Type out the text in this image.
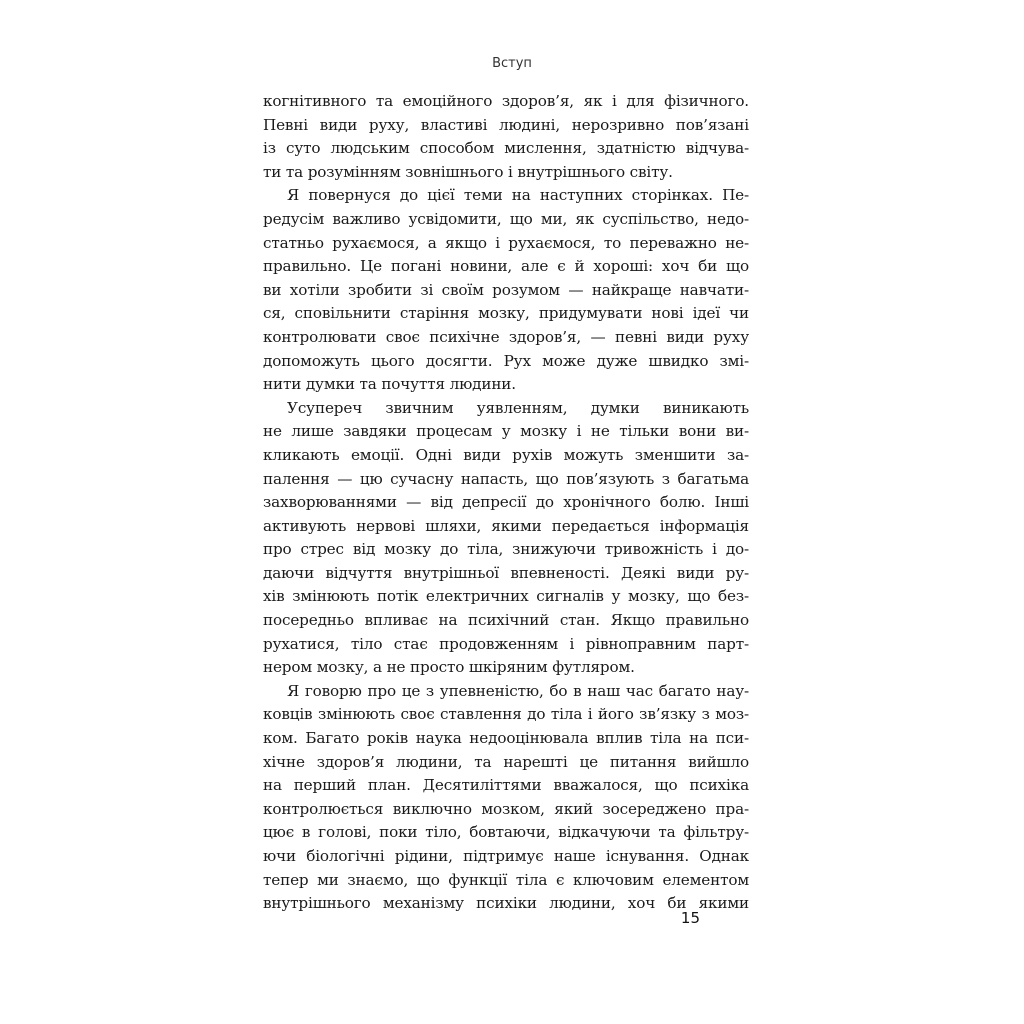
Вступ
когнітивного та емоційного здоров’я, як і для фізичного.
Певні види руху, властиві людині, нерозривно пов’язані
із суто людським способом мислення, здатністю відчува-
ти та розумінням зовнішнього і внутрішнього світу.
Я повернуся до цієї теми на наступних сторінках. Пе-
редусім важливо усвідомити, що ми, як суспільство, недо-
статньо рухаємося, а якщо і рухаємося, то переважно не-
правильно. Це погані новини, але є й хороші: хоч би що
ви хотіли зробити зі своїм розумом — найкраще навчати-
ся, сповільнити старіння мозку, придумувати нові ідеї чи
контролювати своє психічне здоров’я, — певні види руху
допоможуть цього досягти. Рух може дуже швидко змі-
нити думки та почуття людини.
Усупереч звичним уявленням, думки виникають
не лише завдяки процесам у мозку і не тільки вони ви-
кликають емоції. Одні види рухів можуть зменшити за-
палення — цю сучасну напасть, що пов’язують з багатьма
захворюваннями — від депресії до хронічного болю. Інші
активують нервові шляхи, якими передається інформація
про стрес від мозку до тіла, знижуючи тривожність і до-
даючи відчуття внутрішньої впевненості. Деякі види ру-
хів змінюють потік електричних сигналів у мозку, що без-
посередньо впливає на психічний стан. Якщо правильно
рухатися, тіло стає продовженням і рівноправним парт-
нером мозку, а не просто шкіряним футляром.
Я говорю про це з упевненістю, бо в наш час багато нау-
ковців змінюють своє ставлення до тіла і його зв’язку з моз-
ком. Багато років наука недооцінювала вплив тіла на пси-
хічне здоров’я людини, та нарешті це питання вийшло
на перший план. Десятиліттями вважалося, що психіка
контролюється виключно мозком, який зосереджено пра-
цює в голові, поки тіло, бовтаючи, відкачуючи та фільтру-
ючи біологічні рідини, підтримує наше існування. Однак
тепер ми знаємо, що функції тіла є ключовим елементом
внутрішнього механізму психіки людини, хоч би якими
15
